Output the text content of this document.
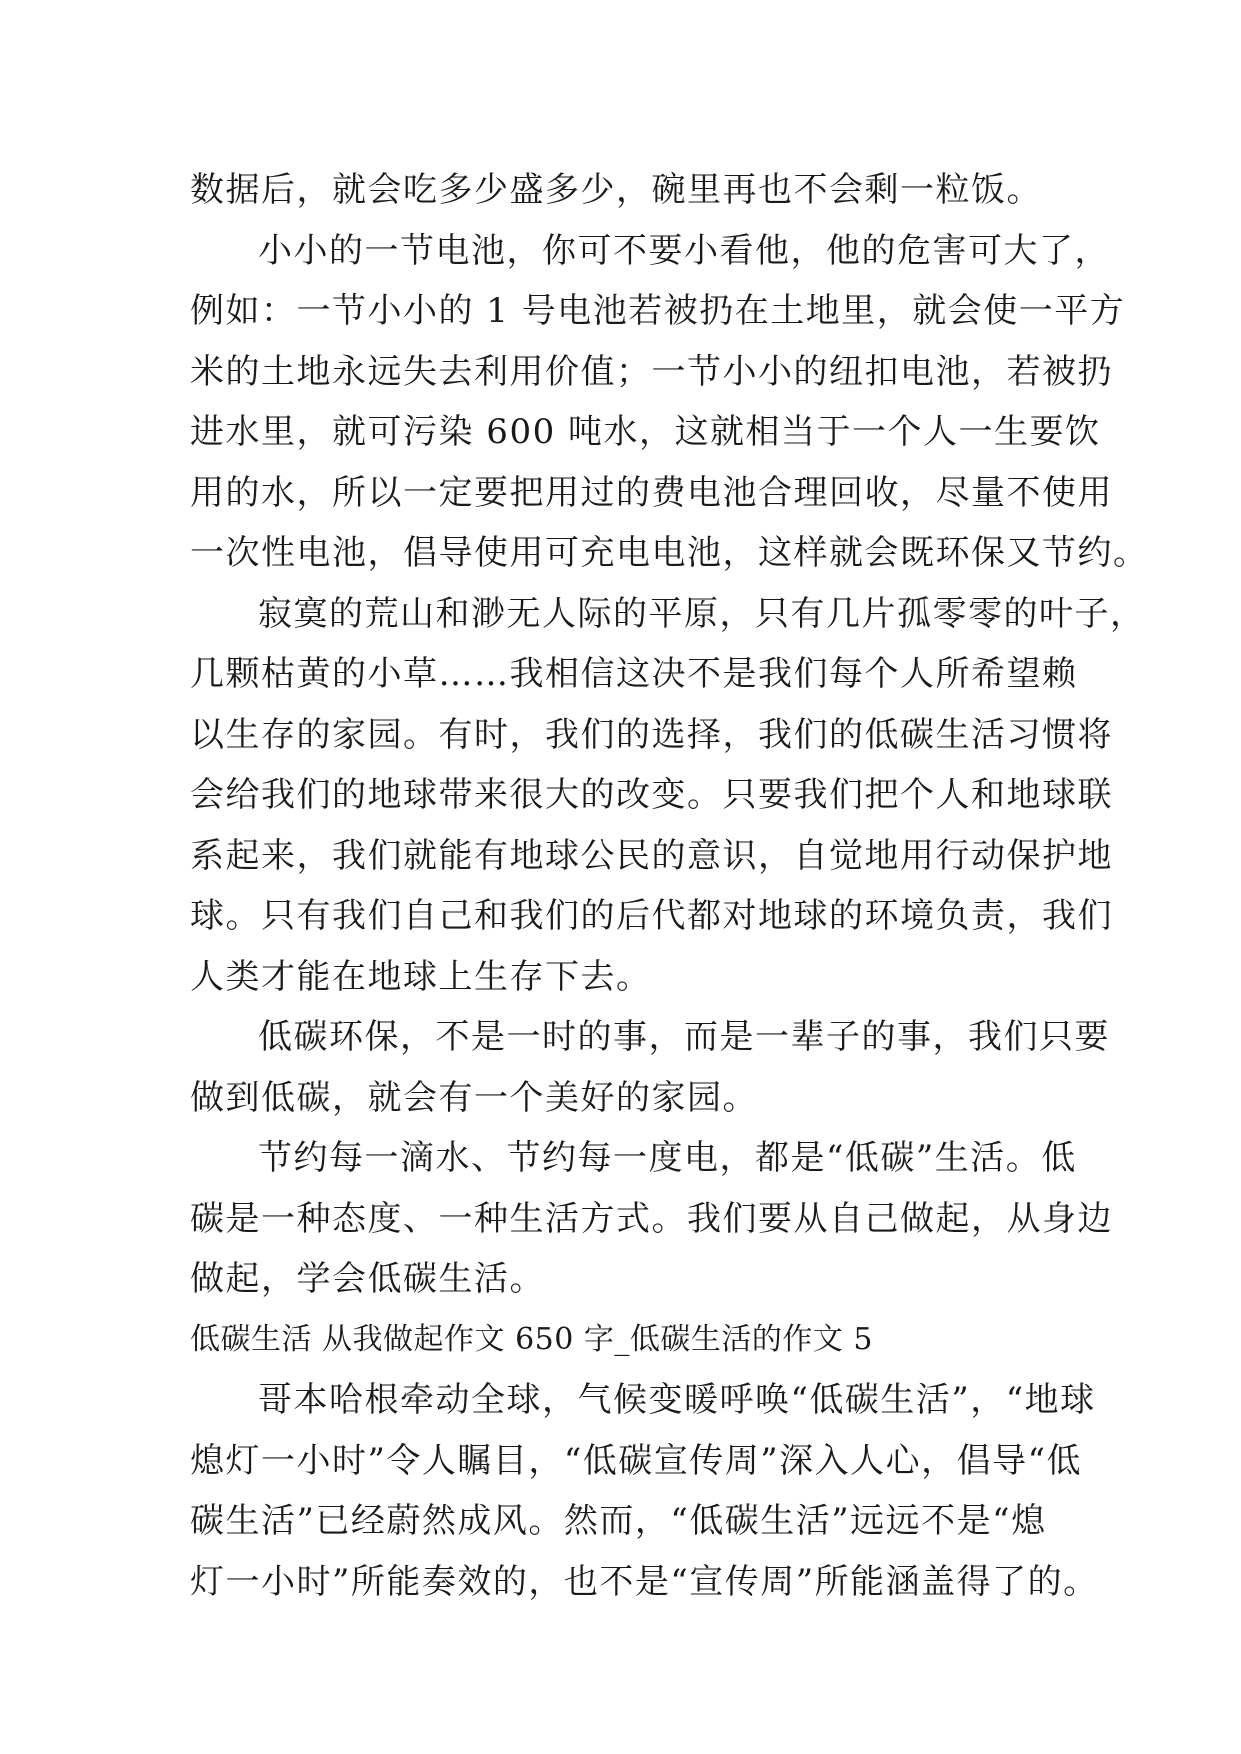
数据后，就会吃多少盛多少，碗里再也不会剩一粒饭。
小小的一节电池，你可不要小看他，他的危害可大了，
例如：一节小小的 1 号电池若被扔在土地里，就会使一平方
米的土地永远失去利用价值；一节小小的纽扣电池，若被扔
进水里，就可污染 600 吨水，这就相当于一个人一生要饮
用的水，所以一定要把用过的费电池合理回收，尽量不使用
一次性电池，倡导使用可充电电池，这样就会既环保又节约。
寂寞的荒山和渺无人际的平原，只有几片孤零零的叶子，
几颗枯黄的小草……我相信这决不是我们每个人所希望赖
以生存的家园。有时，我们的选择，我们的低碳生活习惯将
会给我们的地球带来很大的改变。只要我们把个人和地球联
系起来，我们就能有地球公民的意识，自觉地用行动保护地
球。只有我们自己和我们的后代都对地球的环境负责，我们
人类才能在地球上生存下去。
低碳环保，不是一时的事，而是一辈子的事，我们只要
做到低碳，就会有一个美好的家园。
节约每一滴水、节约每一度电，都是“低碳”生活。低
碳是一种态度、一种生活方式。我们要从自己做起，从身边
做起，学会低碳生活。
低碳生活 从我做起作文 650 字_低碳生活的作文 5
哥本哈根牵动全球，气候变暖呼唤“低碳生活”，“地球
熄灯一小时”令人瞩目，“低碳宣传周”深入人心，倡导“低
碳生活”已经蔚然成风。然而，“低碳生活”远远不是“熄
灯一小时”所能奏效的，也不是“宣传周”所能涵盖得了的。
